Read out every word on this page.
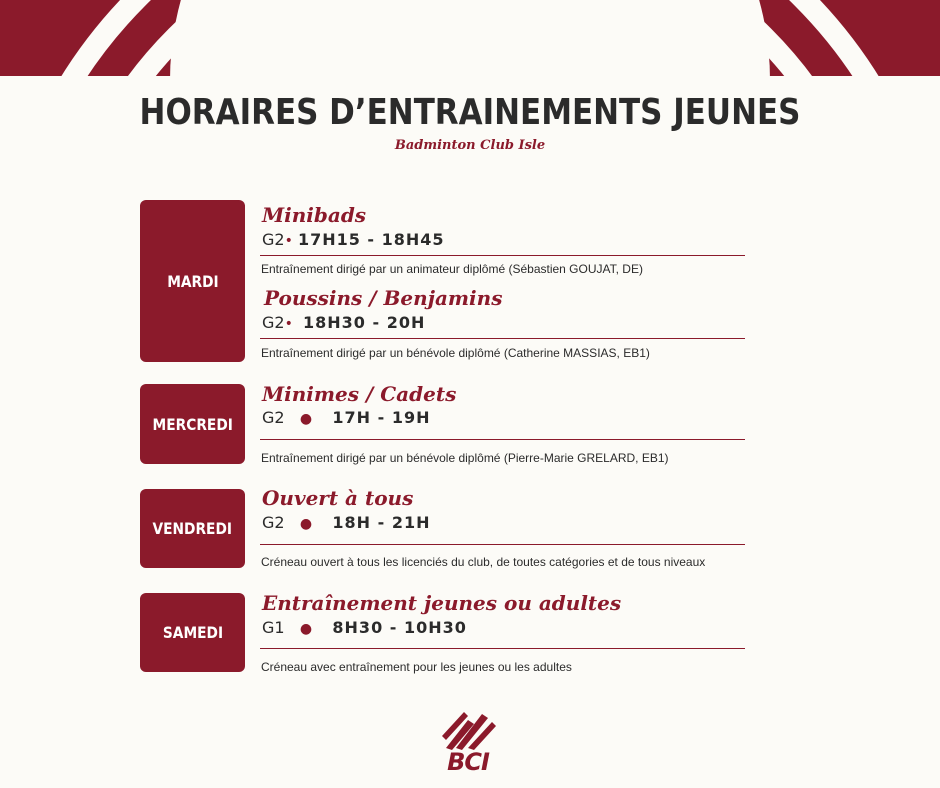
HORAIRES D’ENTRAINEMENTS JEUNES
Badminton Club Isle
MARDI
Minibads
G2• 17H15 - 18H45
Entraînement dirigé par un animateur diplômé (Sébastien GOUJAT, DE)
Poussins / Benjamins
G2• 18H30 - 20H
Entraînement dirigé par un bénévole diplômé (Catherine MASSIAS, EB1)
MERCREDI
Minimes / Cadets
G2 ● 17H - 19H
Entraînement dirigé par un bénévole diplômé (Pierre-Marie GRELARD, EB1)
VENDREDI
Ouvert à tous
G2 ● 18H - 21H
Créneau ouvert à tous les licenciés du club, de toutes catégories et de tous niveaux
SAMEDI
Entraînement jeunes ou adultes
G1 ● 8H30 - 10H30
Créneau avec entraînement pour les jeunes ou les adultes
BCI
